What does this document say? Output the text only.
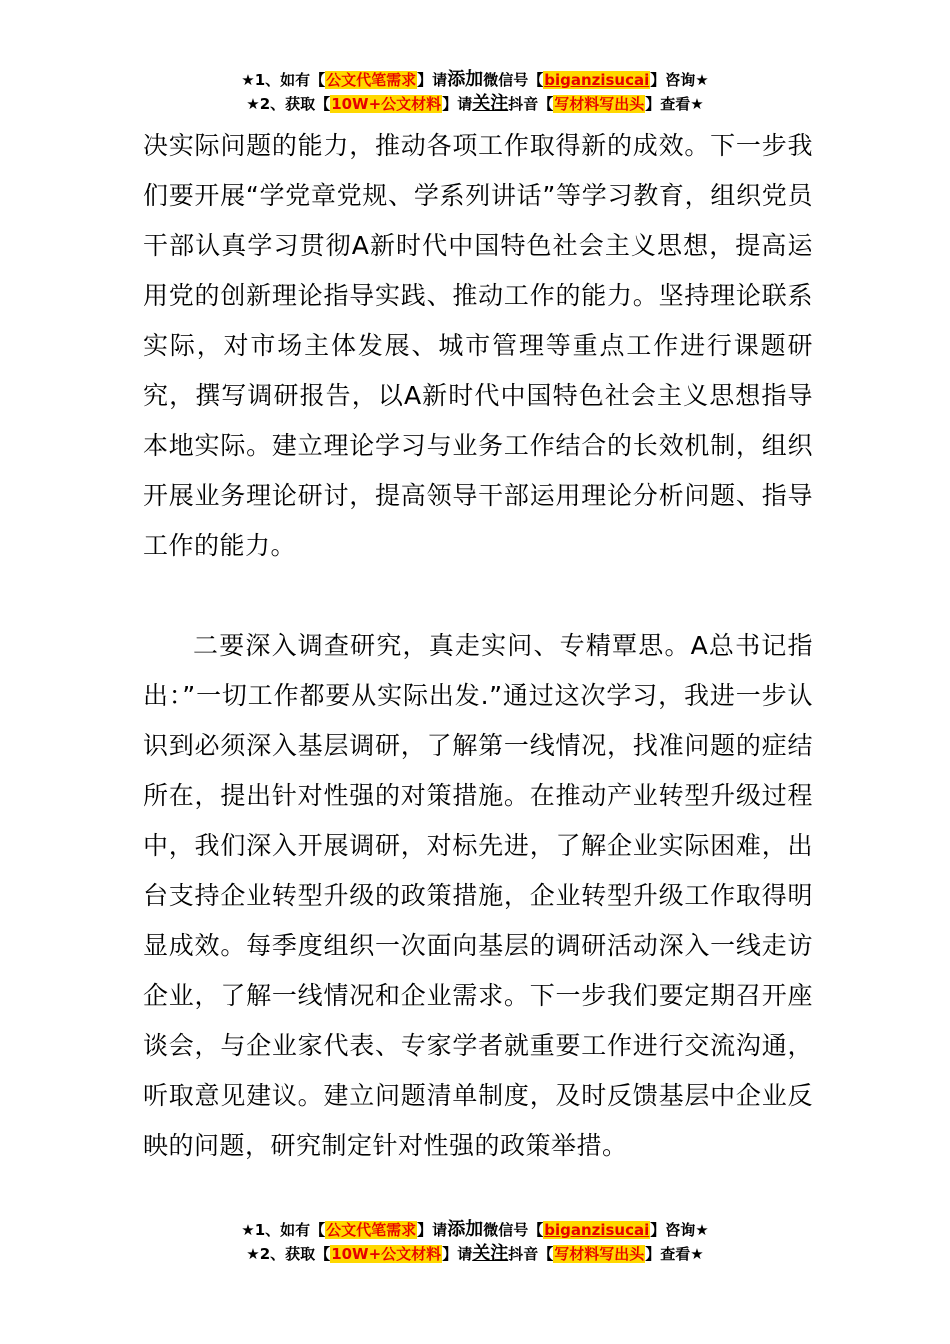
★1、如有【公文代笔需求】请添加微信号【biganzisucai】咨询★
★2、获取【10W+公文材料】请关注抖音【写材料写出头】查看★

决实际问题的能力，推动各项工作取得新的成效。下一步我们要开展“学党章党规、学系列讲话”等学习教育，组织党员干部认真学习贯彻A新时代中国特色社会主义思想，提高运用党的创新理论指导实践、推动工作的能力。坚持理论联系实际，对市场主体发展、城市管理等重点工作进行课题研究，撰写调研报告，以A新时代中国特色社会主义思想指导本地实际。建立理论学习与业务工作结合的长效机制，组织开展业务理论研讨，提高领导干部运用理论分析问题、指导工作的能力。

二要深入调查研究，真走实问、专精覃思。A总书记指出：”一切工作都要从实际出发.”通过这次学习，我进一步认识到必须深入基层调研，了解第一线情况，找准问题的症结所在，提出针对性强的对策措施。在推动产业转型升级过程中，我们深入开展调研，对标先进，了解企业实际困难，出台支持企业转型升级的政策措施，企业转型升级工作取得明显成效。每季度组织一次面向基层的调研活动深入一线走访企业，了解一线情况和企业需求。下一步我们要定期召开座谈会，与企业家代表、专家学者就重要工作进行交流沟通，听取意见建议。建立问题清单制度，及时反馈基层中企业反映的问题，研究制定针对性强的政策举措。

★1、如有【公文代笔需求】请添加微信号【biganzisucai】咨询★
★2、获取【10W+公文材料】请关注抖音【写材料写出头】查看★
